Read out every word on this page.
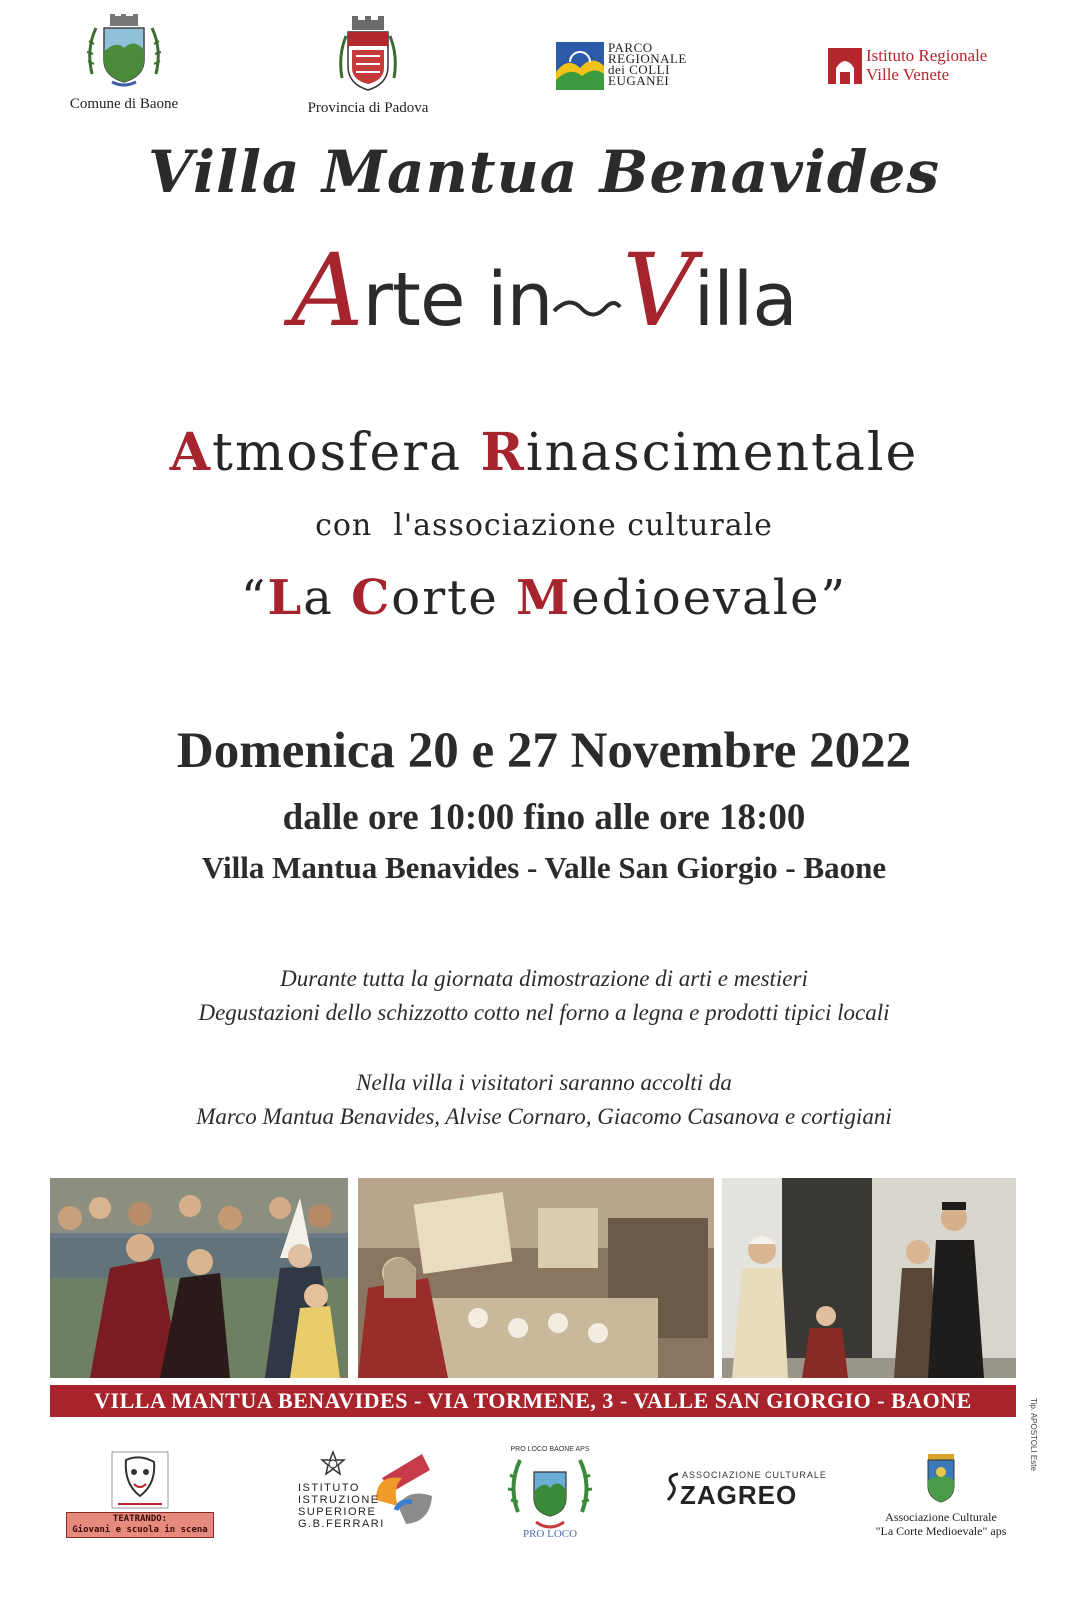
Comune di Baone	Provincia di Padova
PARCO
REGIONALE
dei COLLI
EUGANEI
Istituto Regionale
Ville Venete
Villa Mantua Benavides
Arte in Villa
Atmosfera Rinascimentale
con  l'associazione culturale
“La Corte Medioevale”
Domenica 20 e 27 Novembre 2022
dalle ore 10:00 fino alle ore 18:00
Villa Mantua Benavides - Valle San Giorgio - Baone
Durante tutta la giornata dimostrazione di arti e mestieri
Degustazioni dello schizzotto cotto nel forno a legna e prodotti tipici locali
Nella villa i visitatori saranno accolti da
Marco Mantua Benavides, Alvise Cornaro, Giacomo Casanova e cortigiani
VILLA MANTUA BENAVIDES - VIA TORMENE, 3 - VALLE SAN GIORGIO - BAONE	Tip. APOSTOLI Este
TEATRANDO:
Giovani e scuola in scena
ISTITUTO
ISTRUZIONE
SUPERIORE
G.B.FERRARI
PRO LOCO BAONE APS
PRO LOCO
ASSOCIAZIONE CULTURALE
ZAGREO
Associazione Culturale
"La Corte Medioevale" aps
